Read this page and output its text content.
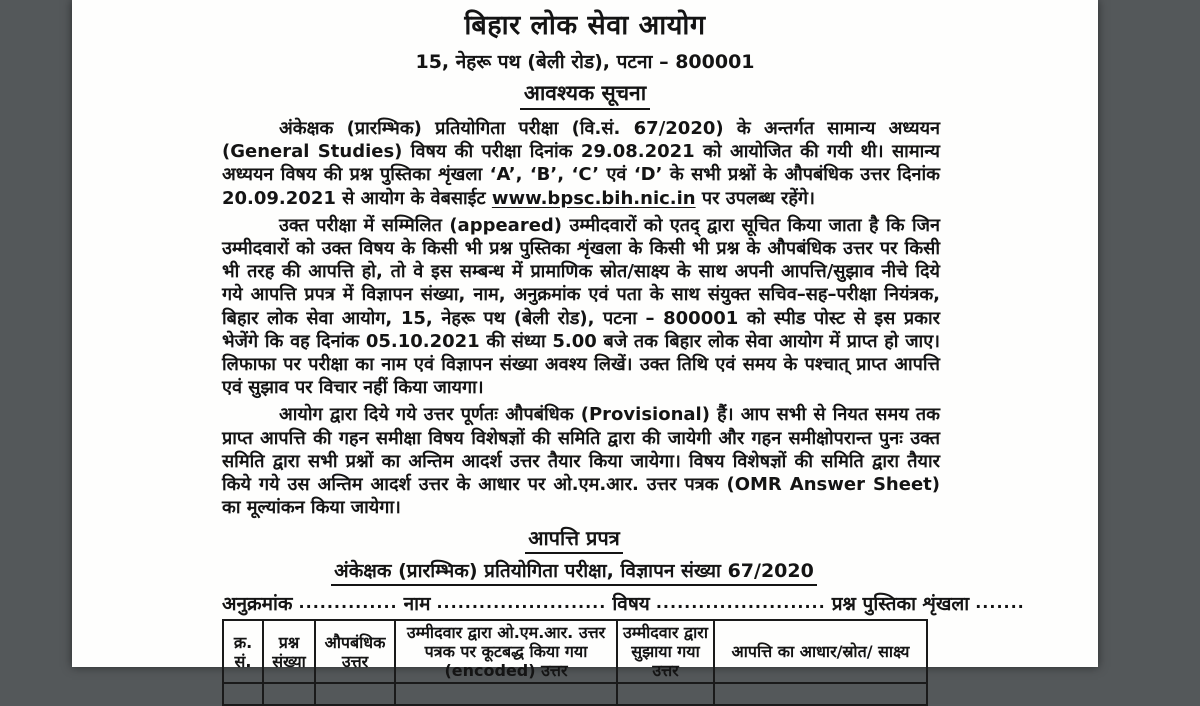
बिहार लोक सेवा आयोग
15, नेहरू पथ (बेली रोड), पटना – 800001
आवश्यक सूचना

अंकेक्षक (प्रारम्भिक) प्रतियोगिता परीक्षा (वि.सं. 67/2020) के अन्तर्गत सामान्य अध्ययन (General Studies) विषय की परीक्षा दिनांक 29.08.2021 को आयोजित की गयी थी। सामान्य अध्ययन विषय की प्रश्न पुस्तिका शृंखला ‘A’, ‘B’, ‘C’ एवं ‘D’ के सभी प्रश्नों के औपबंधिक उत्तर दिनांक 20.09.2021 से आयोग के वेबसाईट www.bpsc.bih.nic.in पर उपलब्ध रहेंगे।

उक्त परीक्षा में सम्मिलित (appeared) उम्मीदवारों को एतद् द्वारा सूचित किया जाता है कि जिन उम्मीदवारों को उक्त विषय के किसी भी प्रश्न पुस्तिका शृंखला के किसी भी प्रश्न के औपबंधिक उत्तर पर किसी भी तरह की आपत्ति हो, तो वे इस सम्बन्ध में प्रामाणिक स्रोत/साक्ष्य के साथ अपनी आपत्ति/सुझाव नीचे दिये गये आपत्ति प्रपत्र में विज्ञापन संख्या, नाम, अनुक्रमांक एवं पता के साथ संयुक्त सचिव–सह–परीक्षा नियंत्रक, बिहार लोक सेवा आयोग, 15, नेहरू पथ (बेली रोड), पटना – 800001 को स्पीड पोस्ट से इस प्रकार भेजेंगे कि वह दिनांक 05.10.2021 की संध्या 5.00 बजे तक बिहार लोक सेवा आयोग में प्राप्त हो जाए। लिफाफा पर परीक्षा का नाम एवं विज्ञापन संख्या अवश्य लिखें। उक्त तिथि एवं समय के पश्चात् प्राप्त आपत्ति एवं सुझाव पर विचार नहीं किया जायगा।

आयोग द्वारा दिये गये उत्तर पूर्णतः औपबंधिक (Provisional) हैं। आप सभी से नियत समय तक प्राप्त आपत्ति की गहन समीक्षा विषय विशेषज्ञों की समिति द्वारा की जायेगी और गहन समीक्षोपरान्त पुनः उक्त समिति द्वारा सभी प्रश्नों का अन्तिम आदर्श उत्तर तैयार किया जायेगा। विषय विशेषज्ञों की समिति द्वारा तैयार किये गये उस अन्तिम आदर्श उत्तर के आधार पर ओ.एम.आर. उत्तर पत्रक (OMR Answer Sheet) का मूल्यांकन किया जायेगा।

आपत्ति प्रपत्र
अंकेक्षक (प्रारम्भिक) प्रतियोगिता परीक्षा, विज्ञापन संख्या 67/2020
अनुक्रमांक .............. नाम ........................ विषय ........................ प्रश्न पुस्तिका शृंखला .......
क्र. सं.	प्रश्न संख्या	औपबंधिक उत्तर	उम्मीदवार द्वारा ओ.एम.आर. उत्तर पत्रक पर कूटबद्ध किया गया (encoded) उत्तर	उम्मीदवार द्वारा सुझाया गया उत्तर	आपत्ति का आधार/स्रोत/ साक्ष्य
